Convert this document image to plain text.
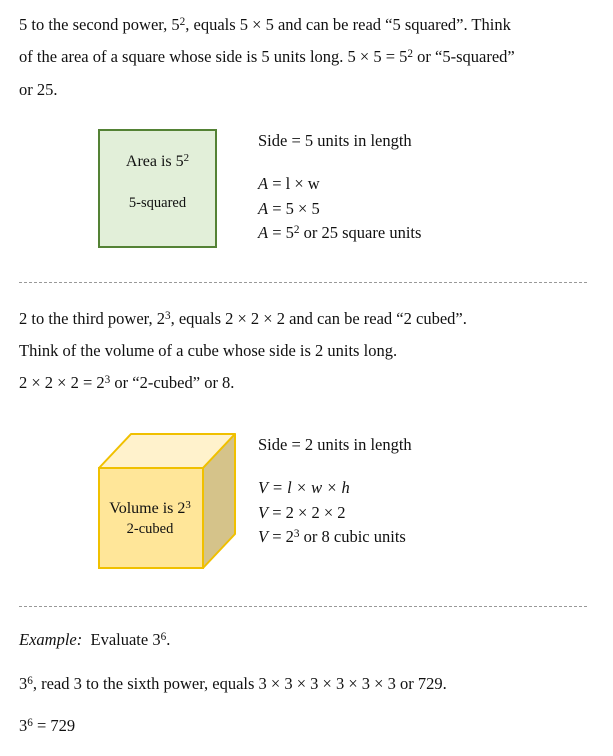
5 to the second power, $5^2$, equals 5 × 5 and can be read “5 squared”. Think
of the area of a square whose side is 5 units long. $5 \times 5 = 5^2$ or “5-squared”
or 25.
Area is $5^2$
5-squared
Side = 5 units in length
A = l × w
A = 5 × 5
$A = 5^2$ or 25 square units
2 to the third power, $2^3$, equals 2 × 2 × 2 and can be read “2 cubed”.
Think of the volume of a cube whose side is 2 units long.
$2 \times 2 \times 2 = 2^3$ or “2-cubed” or 8.
Volume is $2^3$
2-cubed
Side = 2 units in length
V = l × w × h
V = 2 × 2 × 2
$V = 2^3$ or 8 cubic units
Example:  Evaluate $3^6$.
$3^6$, read 3 to the sixth power, equals 3 × 3 × 3 × 3 × 3 × 3 or 729.
$3^6 = 729$
